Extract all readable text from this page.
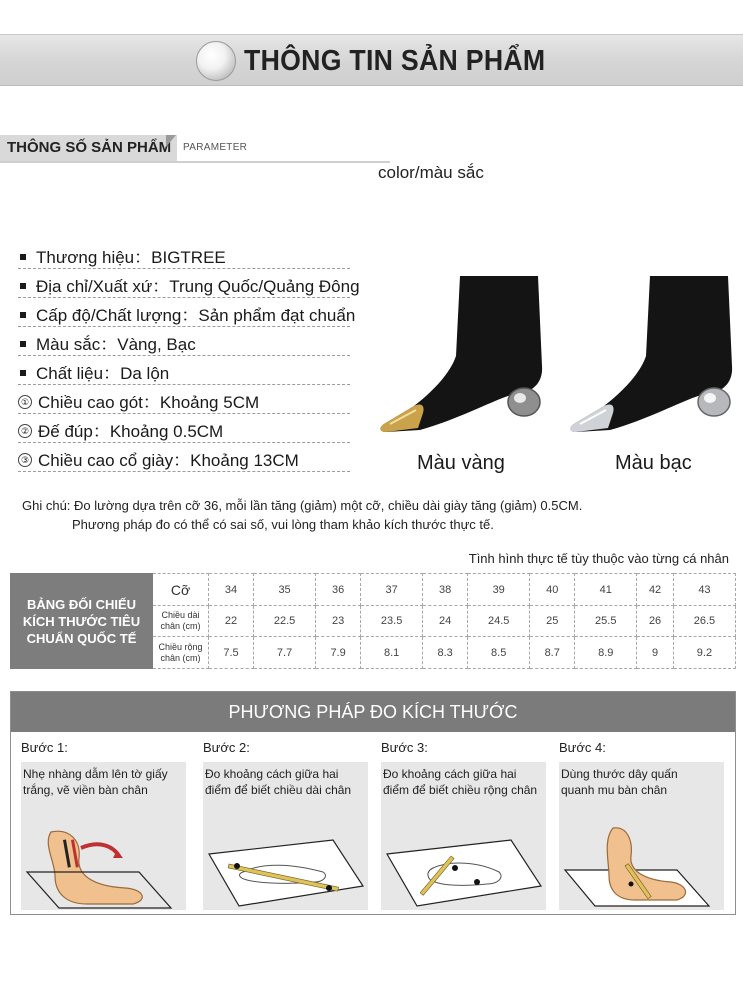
THÔNG TIN SẢN PHẨM
THÔNG SỐ SẢN PHẨM	PARAMETER
color/màu sắc
Thương hiệu：BIGTREE
Địa chỉ/Xuất xứ：Trung Quốc/Quảng Đông
Cấp độ/Chất lượng：Sản phẩm đạt chuẩn
Màu sắc：Vàng, Bạc
Chất liệu：Da lộn
① Chiều cao gót：Khoảng 5CM
② Đế đúp：Khoảng 0.5CM
③ Chiều cao cổ giày：Khoảng 13CM	Màu vàng	Màu bạc
Ghi chú: Đo lường dựa trên cỡ 36, mỗi lần tăng (giảm) một cỡ, chiều dài giày tăng (giảm) 0.5CM.
Phương pháp đo có thể có sai số, vui lòng tham khảo kích thước thực tế.
Tình hình thực tế tùy thuộc vào từng cá nhân
BẢNG ĐỐI CHIẾU
KÍCH THƯỚC TIÊU
CHUẨN QUỐC TẾ	Cỡ	34	35	36	37	38	39	40	41	42	43

	Chiều dài
chân (cm)	22	22.5	23	23.5	24	24.5	25	25.5	26	26.5

	Chiều rộng
chân (cm)	7.5	7.7	7.9	8.1	8.3	8.5	8.7	8.9	9	9.2
PHƯƠNG PHÁP ĐO KÍCH THƯỚC
Bước 1:
Nhẹ nhàng dẫm lên tờ giấy
trắng, vẽ viền bàn chân
Bước 2:
Đo khoảng cách giữa hai
điểm để biết chiều dài chân
Bước 3:
Đo khoảng cách giữa hai
điểm để biết chiều rộng chân
Bước 4:
Dùng thước dây quấn
quanh mu bàn chân
